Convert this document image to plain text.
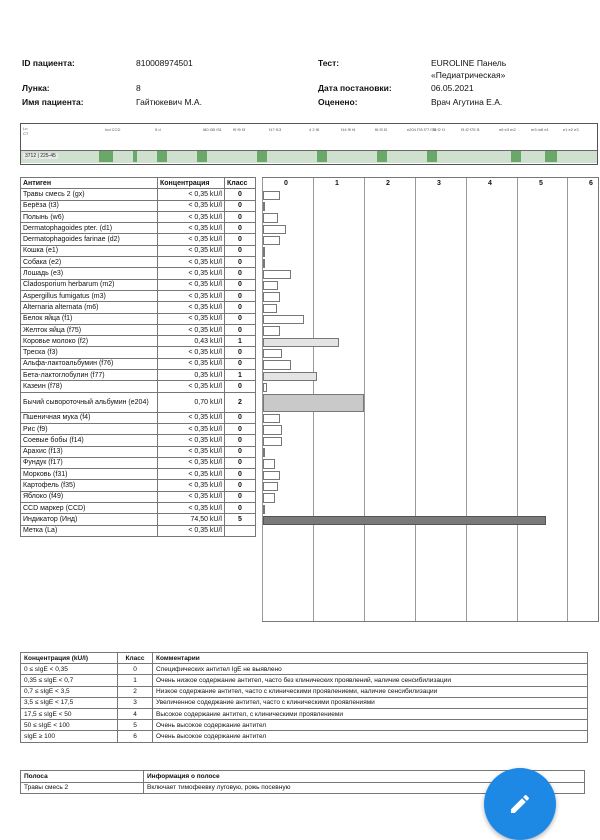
ID пациента:	810008974501
Лунка:	8
Имя пациента:	Гайтюкевич М.А.
Тест:	EUROLINE Панель
«Педиатрическая»
Дата постановки:	06.05.2021
Оценено:	Врач Агутина Е.А.
Ln
CT
Ind CCD	5 d	t80 t35 f31	f9 f9 f3	f17 f13	4 2 f8	f14 f9 f4	f6 f3 f2	e204 f78 f77 f76
f3 f2 f1	f3 f2 f75 f1	e6 e3 m2	m3 m6 e1	e1 e2 e3
3712 | 225-45
Антиген	Концентрация	Класс
Травы смесь 2 (gx)	< 0,35 kU/l	0
Берёза (t3)	< 0,35 kU/l	0
Полынь (w6)	< 0,35 kU/l	0
Dermatophagoides pter. (d1)	< 0,35 kU/l	0
Dermatophagoides farinae (d2)	< 0,35 kU/l	0
Кошка (e1)	< 0,35 kU/l	0
Собака (e2)	< 0,35 kU/l	0
Лошадь (e3)	< 0,35 kU/l	0
Cladosporium herbarum (m2)	< 0,35 kU/l	0
Aspergillus fumigatus (m3)	< 0,35 kU/l	0
Alternaria alternata (m6)	< 0,35 kU/l	0
Белок яйца (f1)	< 0,35 kU/l	0
Желток яйца (f75)	< 0,35 kU/l	0
Коровье молоко (f2)	0,43 kU/l	1
Треска (f3)	< 0,35 kU/l	0
Альфа-лактоальбумин (f76)	< 0,35 kU/l	0
Бета-лактоглобулин (f77)	0,35 kU/l	1
Казеин (f78)	< 0,35 kU/l	0
Бычий сывороточный альбумин (e204)	0,70 kU/l	2
Пшеничная мука (f4)	< 0,35 kU/l	0
Рис (f9)	< 0,35 kU/l	0
Соевые бобы (f14)	< 0,35 kU/l	0
Арахис (f13)	< 0,35 kU/l	0
Фундук (f17)	< 0,35 kU/l	0
Морковь (f31)	< 0,35 kU/l	0
Картофель (f35)	< 0,35 kU/l	0
Яблоко (f49)	< 0,35 kU/l	0
CCD маркер (CCD)	< 0,35 kU/l	0
Индикатор (Инд)	74,50 kU/l	5
Метка (La)	< 0,35 kU/l	
0	1	2	3	4	5	6
Концентрация (kU/l)	Класс	Комментарии
0 ≤ sIgE < 0,35	0	Специфических антител IgE не выявлено
0,35 ≤ sIgE < 0,7	1	Очень низкое содержание антител, часто без клинических проявлений, наличие сенсибилизации
0,7 ≤ sIgE < 3,5	2	Низкое содержание антител, часто с клиническими проявлениеми, наличие сенсибилизации
3,5 ≤ sIgE < 17,5	3	Увеличенное содеджание антител, часто с клиническими проявлениями
17,5 ≤ sIgE < 50	4	Высокое содержание антител, с клиническими проявлениеми
50 ≤ sIgE < 100	5	Очень высокое содержание антител
sIgE ≥ 100	6	Очень высокое содержание антител
Полоса	Информация о полосе
Травы смесь 2	Включает тимофеевку луговую, рожь посевную
